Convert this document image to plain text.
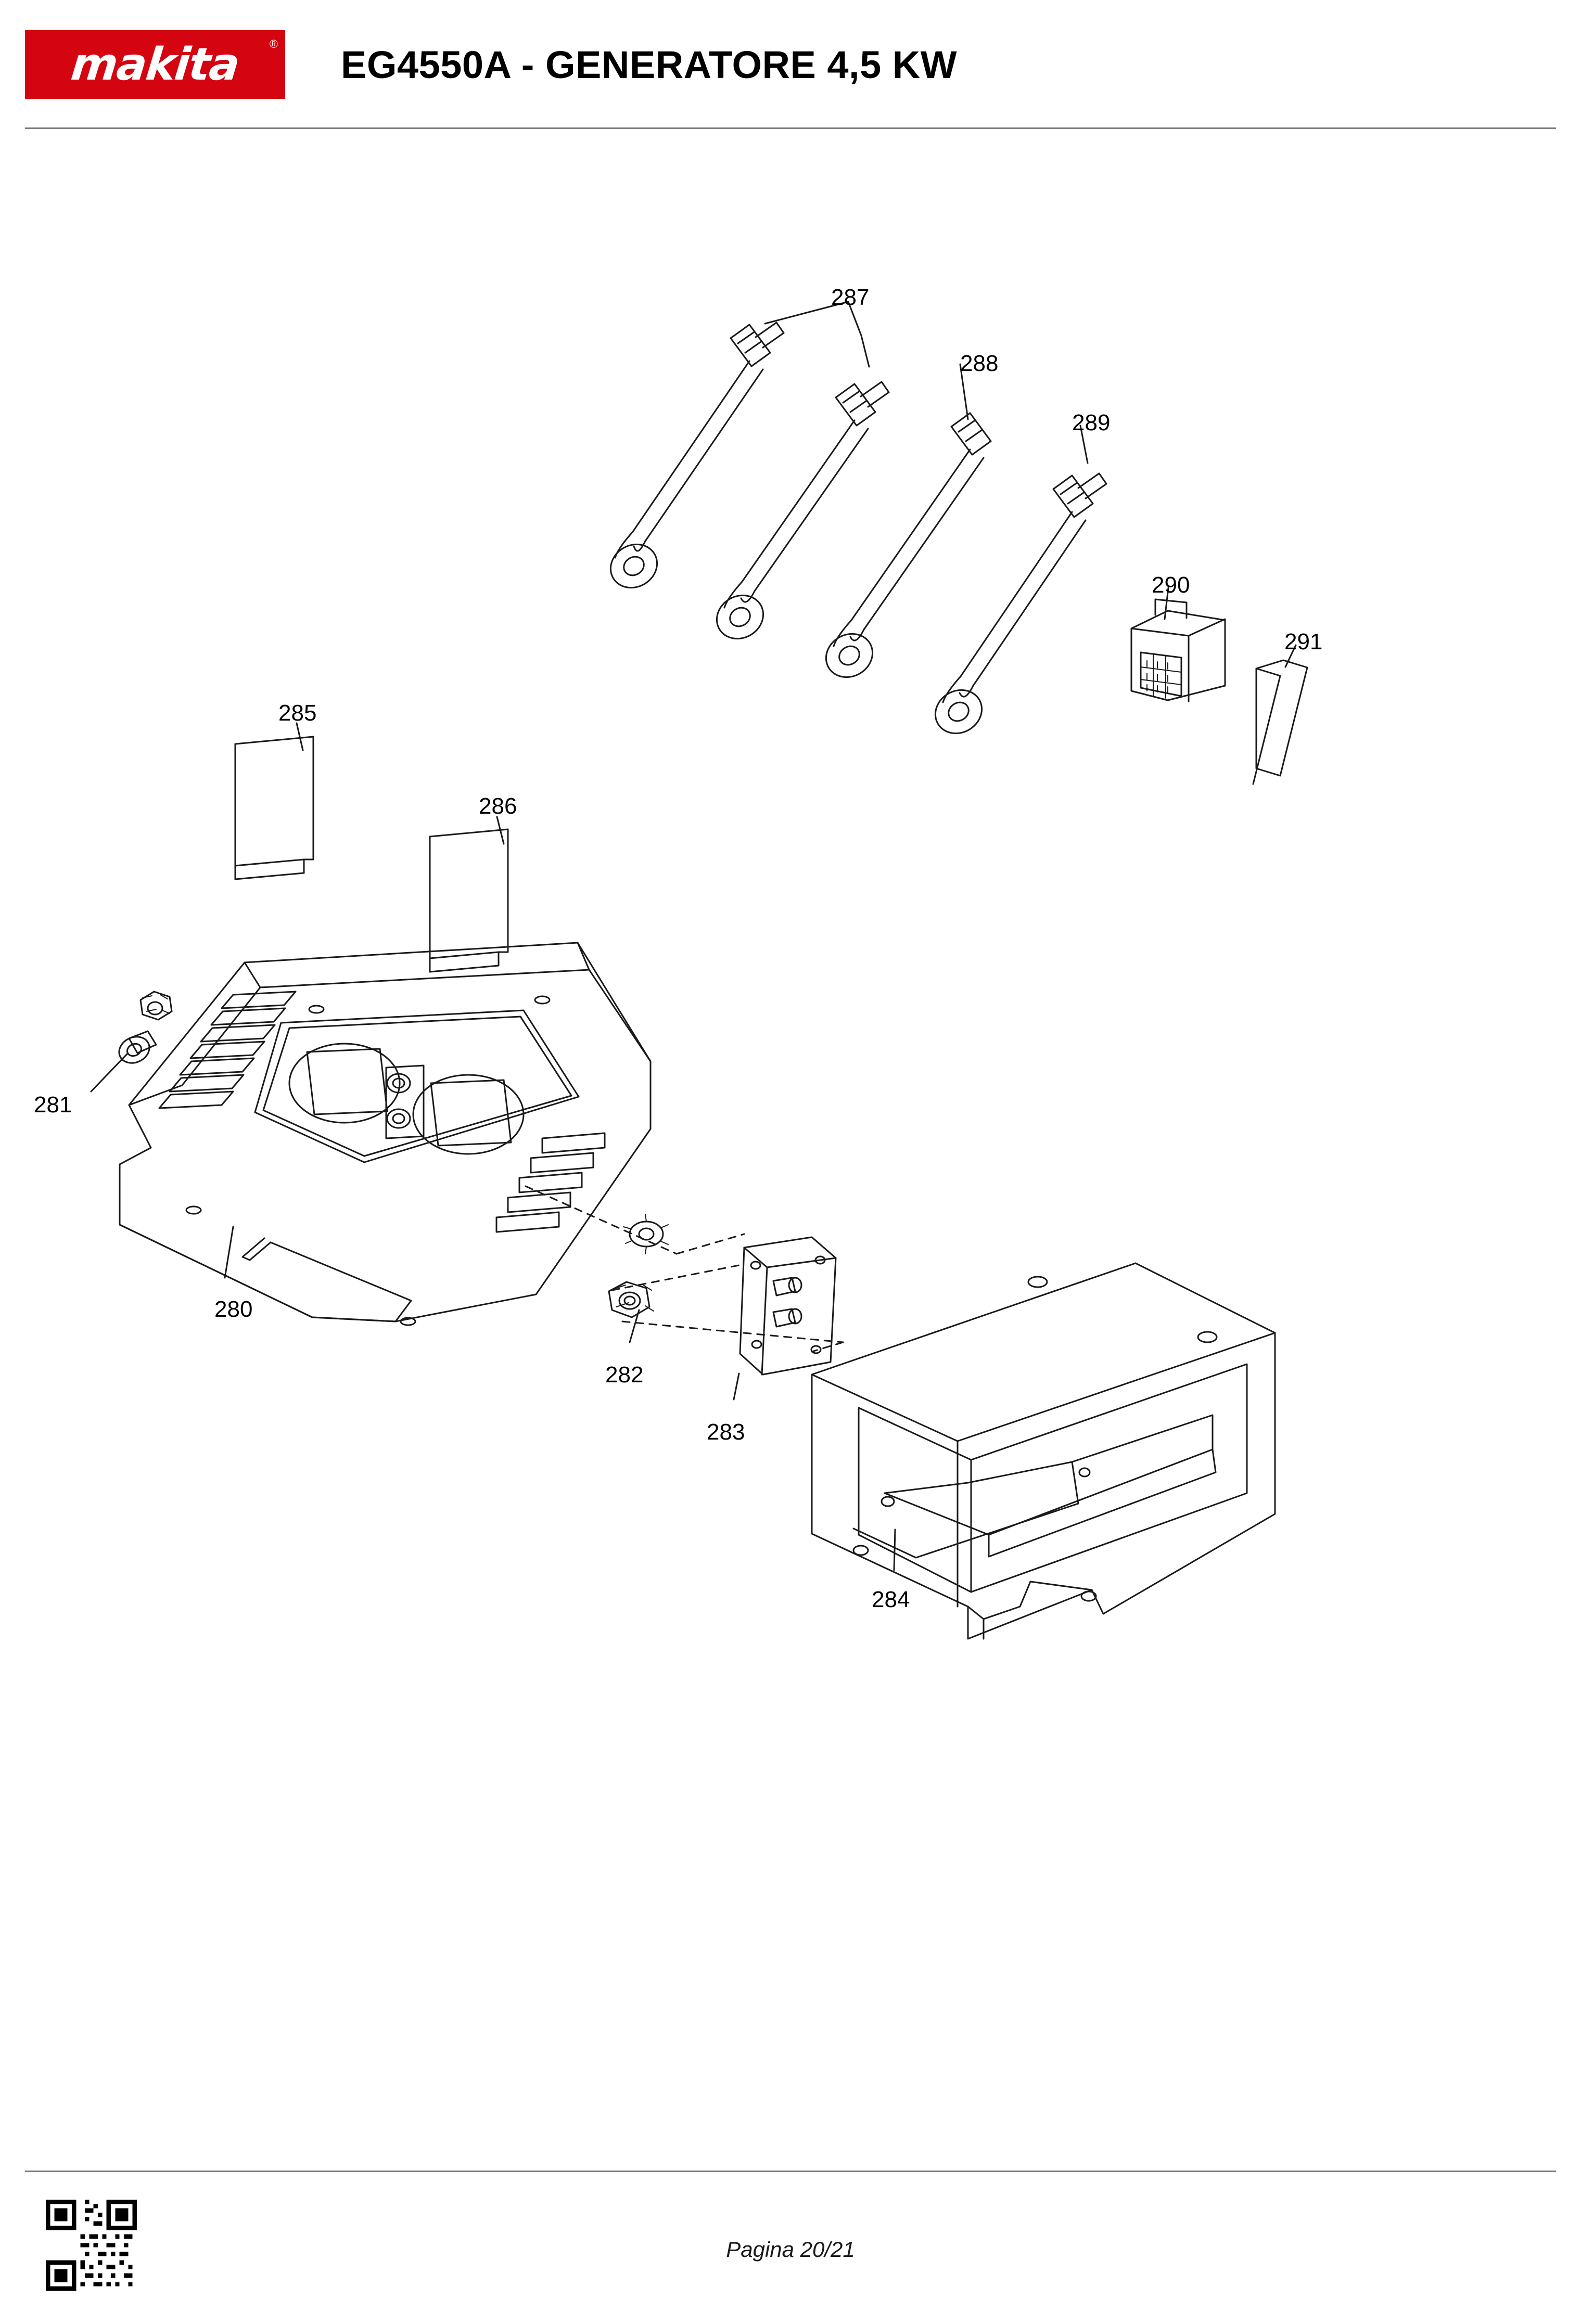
makita ® EG4550A - GENERATORE 4,5 KW
287
288
289
290
291
285
286
281
280
282
283
284
Pagina 20/21
